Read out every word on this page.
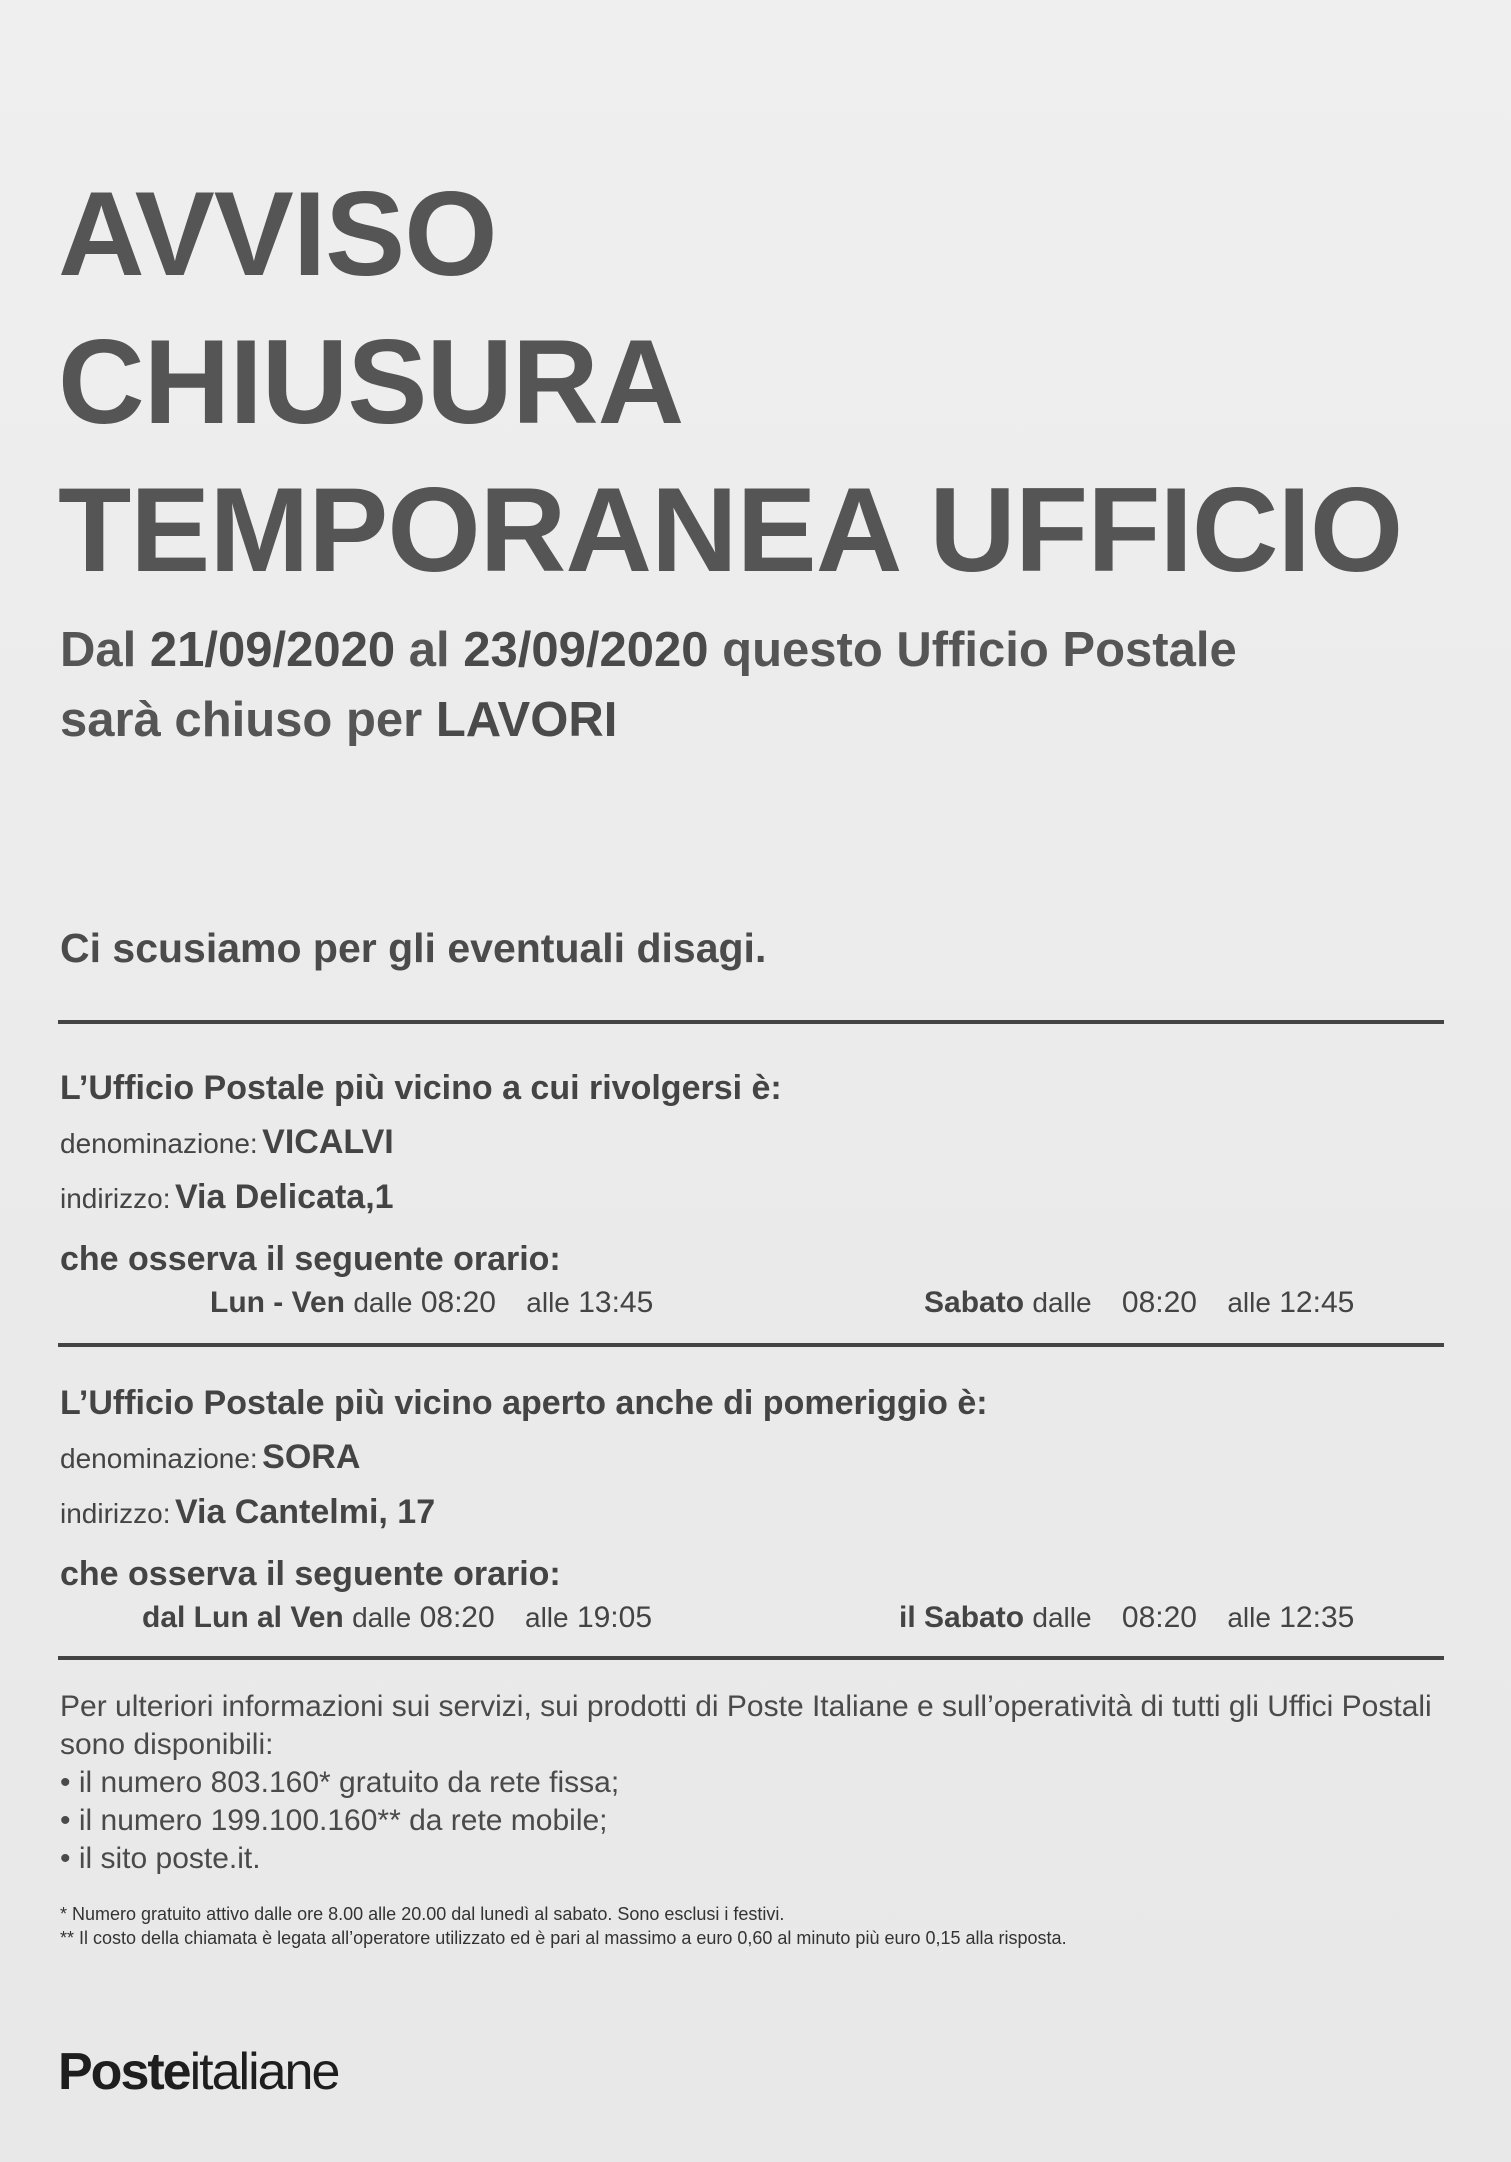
AVVISO
CHIUSURA
TEMPORANEA UFFICIO
Dal 21/09/2020 al 23/09/2020 questo Ufficio Postale
sarà chiuso per LAVORI
Ci scusiamo per gli eventuali disagi.
L’Ufficio Postale più vicino a cui rivolgersi è:
denominazione: VICALVI
indirizzo: Via Delicata,1
che osserva il seguente orario:
Lun - Ven dalle 08:20 alle 13:45	Sabato dalle 08:20 alle 12:45
L’Ufficio Postale più vicino aperto anche di pomeriggio è:
denominazione: SORA
indirizzo: Via Cantelmi, 17
che osserva il seguente orario:
dal Lun al Ven dalle 08:20 alle 19:05	il Sabato dalle 08:20 alle 12:35
Per ulteriori informazioni sui servizi, sui prodotti di Poste Italiane e sull’operatività di tutti gli Uffici Postali sono disponibili:
• il numero 803.160* gratuito da rete fissa;
• il numero 199.100.160** da rete mobile;
• il sito poste.it.
* Numero gratuito attivo dalle ore 8.00 alle 20.00 dal lunedì al sabato. Sono esclusi i festivi.
** Il costo della chiamata è legata all’operatore utilizzato ed è pari al massimo a euro 0,60 al minuto più euro 0,15 alla risposta.
Posteitaliane
